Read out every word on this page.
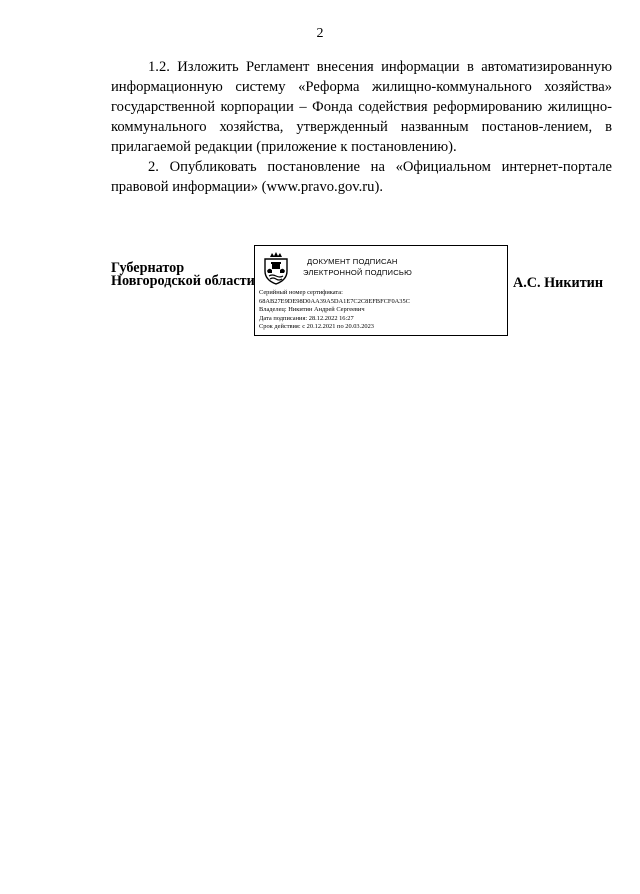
2

1.2. Изложить Регламент внесения информации в автоматизированную информационную систему «Реформа жилищно-коммунального хозяйства» государственной корпорации – Фонда содействия реформированию жилищно-коммунального хозяйства, утвержденный названным постанов-лением, в прилагаемой редакции (приложение к постановлению).

2. Опубликовать постановление на «Официальном интернет-портале правовой информации» (www.pravo.gov.ru).

Губернатор
Новгородской области
ДОКУМЕНТ ПОДПИСАН
ЭЛЕКТРОННОЙ ПОДПИСЬЮ
Серийный номер сертификата:
68AB27E9DE98D0AA39A5DA1E7C2C8EFBFCF0A35C
Владелец: Никитин Андрей Сергеевич
Дата подписания: 28.12.2022 16:27
Срок действия: с 20.12.2021 по 20.03.2023
А.С. Никитин
